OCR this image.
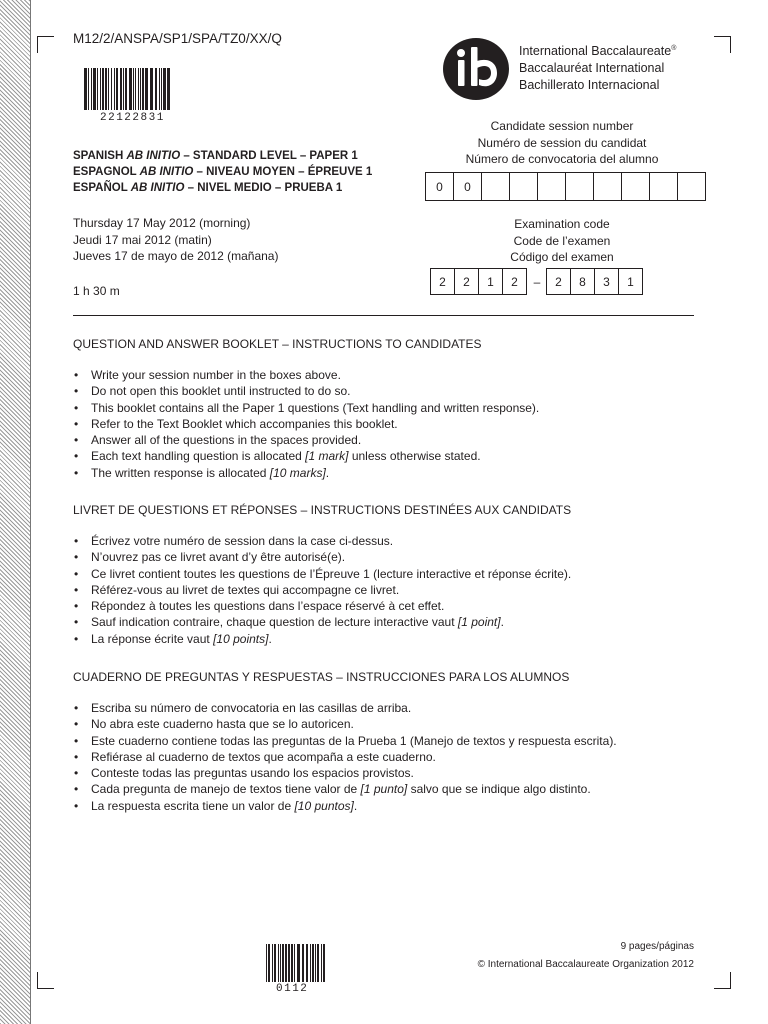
M12/2/ANSPA/SP1/SPA/TZ0/XX/Q
22122831
International Baccalaureate®
Baccalauréat International
Bachillerato Internacional
SPANISH AB INITIO – STANDARD LEVEL – PAPER 1
ESPAGNOL AB INITIO – NIVEAU MOYEN – ÉPREUVE 1
ESPAÑOL AB INITIO – NIVEL MEDIO – PRUEBA 1
Candidate session number
Numéro de session du candidat
Número de convocatoria del alumno
0	0
Examination code
Code de l’examen
Código del examen
2	2	1	2	–	2	8	3	1
Thursday 17 May 2012 (morning)
Jeudi 17 mai 2012 (matin)
Jueves 17 de mayo de 2012 (mañana)
1 h 30 m
QUESTION AND ANSWER BOOKLET – INSTRUCTIONS TO CANDIDATES
• Write your session number in the boxes above.
• Do not open this booklet until instructed to do so.
• This booklet contains all the Paper 1 questions (Text handling and written response).
• Refer to the Text Booklet which accompanies this booklet.
• Answer all of the questions in the spaces provided.
• Each text handling question is allocated [1 mark] unless otherwise stated.
• The written response is allocated [10 marks].
LIVRET DE QUESTIONS ET RÉPONSES – INSTRUCTIONS DESTINÉES AUX CANDIDATS
• Écrivez votre numéro de session dans la case ci-dessus.
• N’ouvrez pas ce livret avant d’y être autorisé(e).
• Ce livret contient toutes les questions de l’Épreuve 1 (lecture interactive et réponse écrite).
• Référez-vous au livret de textes qui accompagne ce livret.
• Répondez à toutes les questions dans l’espace réservé à cet effet.
• Sauf indication contraire, chaque question de lecture interactive vaut [1 point].
• La réponse écrite vaut [10 points].
CUADERNO DE PREGUNTAS Y RESPUESTAS – INSTRUCCIONES PARA LOS ALUMNOS
• Escriba su número de convocatoria en las casillas de arriba.
• No abra este cuaderno hasta que se lo autoricen.
• Este cuaderno contiene todas las preguntas de la Prueba 1 (Manejo de textos y respuesta escrita).
• Refiérase al cuaderno de textos que acompaña a este cuaderno.
• Conteste todas las preguntas usando los espacios provistos.
• Cada pregunta de manejo de textos tiene valor de [1 punto] salvo que se indique algo distinto.
• La respuesta escrita tiene un valor de [10 puntos].
0112
9 pages/páginas
© International Baccalaureate Organization 2012
